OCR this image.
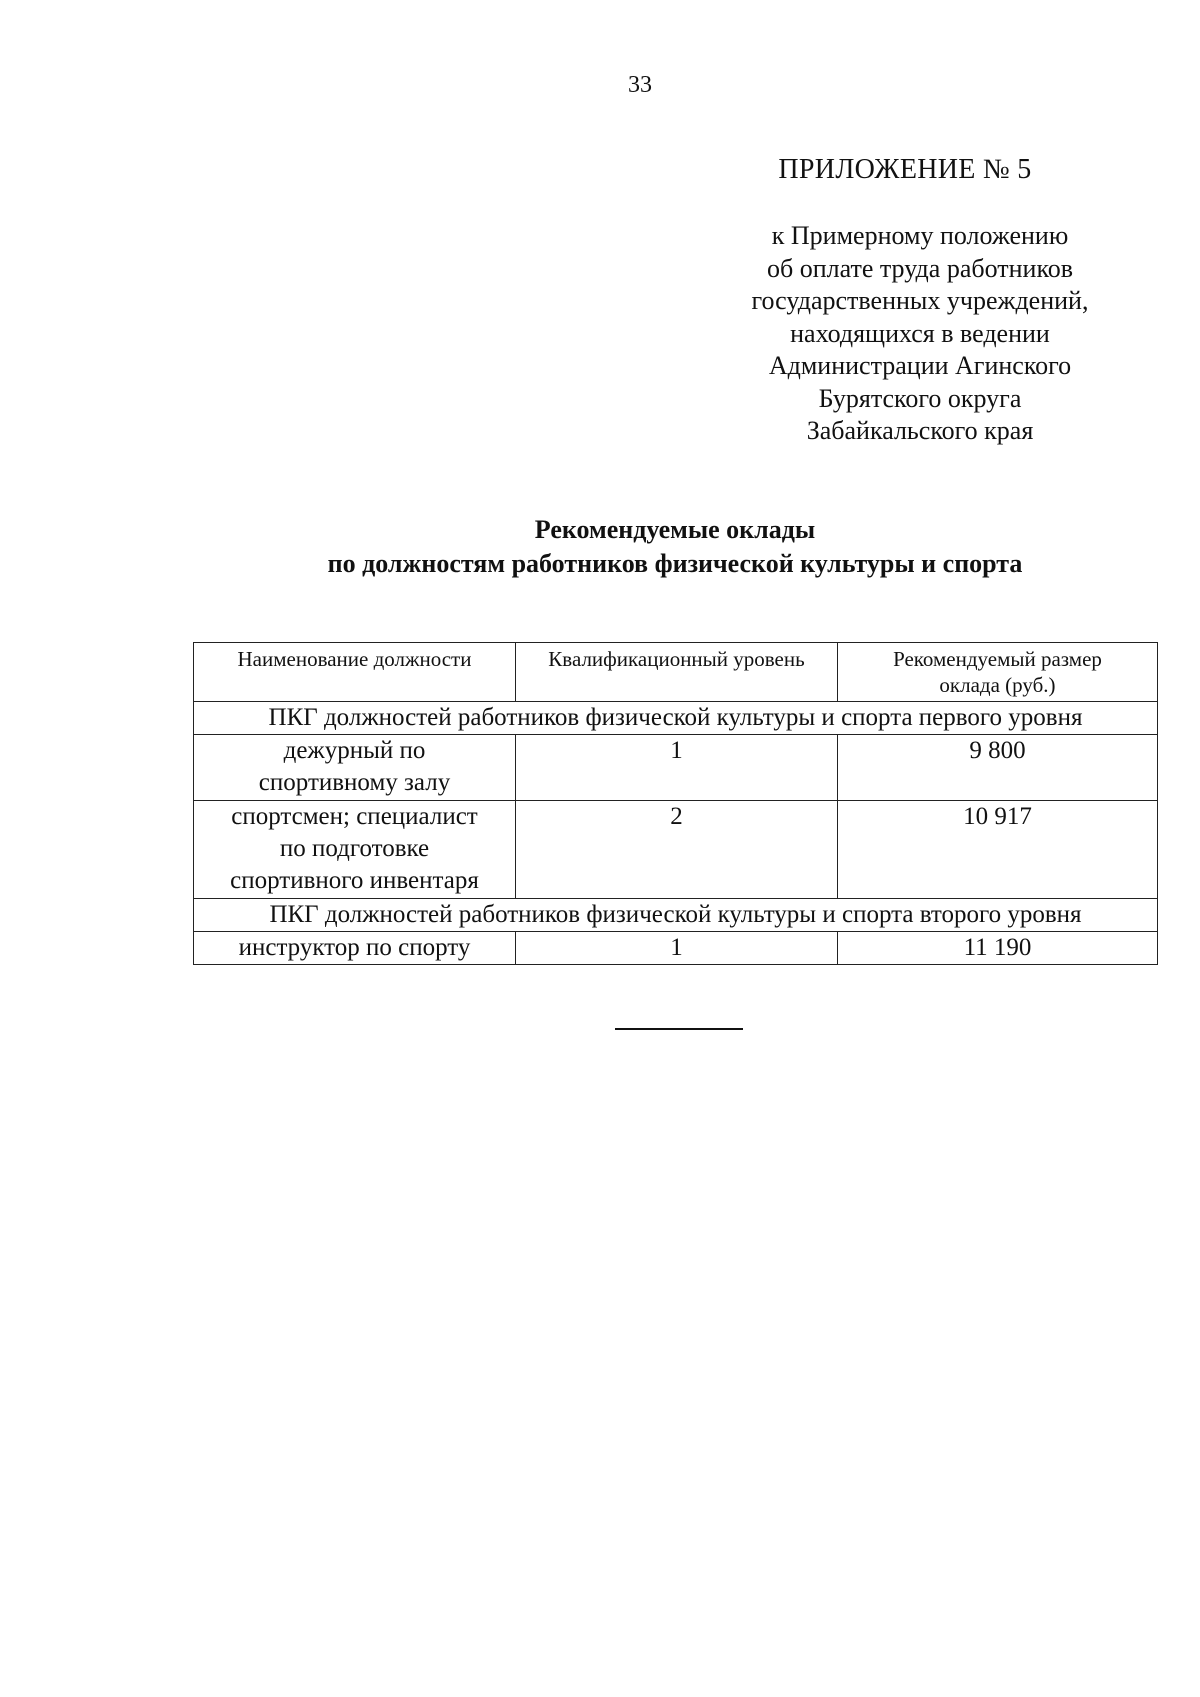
33
ПРИЛОЖЕНИЕ № 5
к Примерному положению
об оплате труда работников
государственных учреждений,
находящихся в ведении
Администрации Агинского
Бурятского округа
Забайкальского края
Рекомендуемые оклады
по должностям работников физической культуры и спорта
Наименование должности	Квалификационный уровень	Рекомендуемый размер
оклада (руб.)

ПКГ должностей работников физической культуры и спорта первого уровня		

дежурный по
спортивному залу	1	9 800

спортсмен; специалист
по подготовке
спортивного инвентаря	2	10 917
ПКГ должностей работников физической культуры и спорта второго уровня		

инструктор по спорту	1	11 190
